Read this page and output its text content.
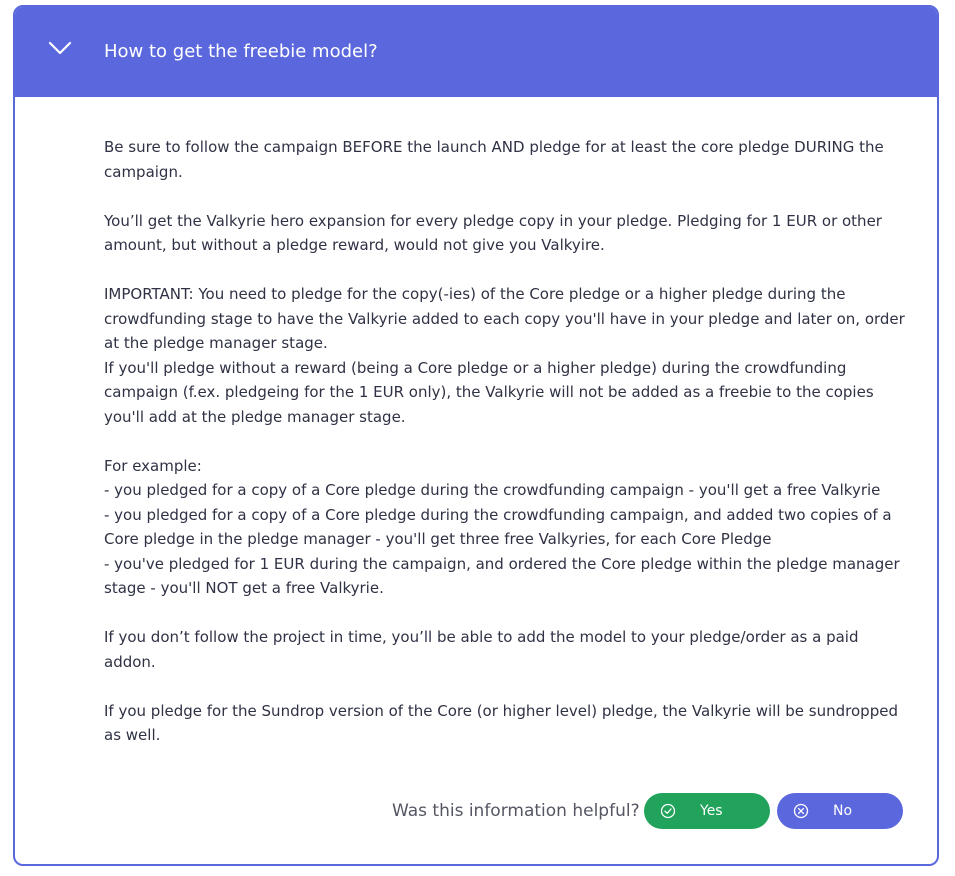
How to get the freebie model?

Be sure to follow the campaign BEFORE the launch AND pledge for at least the core pledge DURING the campaign.

You’ll get the Valkyrie hero expansion for every pledge copy in your pledge. Pledging for 1 EUR or other amount, but without a pledge reward, would not give you Valkyire.

IMPORTANT: You need to pledge for the copy(-ies) of the Core pledge or a higher pledge during the crowdfunding stage to have the Valkyrie added to each copy you'll have in your pledge and later on, order at the pledge manager stage.
If you'll pledge without a reward (being a Core pledge or a higher pledge) during the crowdfunding campaign (f.ex. pledgeing for the 1 EUR only), the Valkyrie will not be added as a freebie to the copies you'll add at the pledge manager stage.

For example:
- you pledged for a copy of a Core pledge during the crowdfunding campaign - you'll get a free Valkyrie
- you pledged for a copy of a Core pledge during the crowdfunding campaign, and added two copies of a Core pledge in the pledge manager - you'll get three free Valkyries, for each Core Pledge
- you've pledged for 1 EUR during the campaign, and ordered the Core pledge within the pledge manager stage - you'll NOT get a free Valkyrie.

If you don’t follow the project in time, you’ll be able to add the model to your pledge/order as a paid addon.

If you pledge for the Sundrop version of the Core (or higher level) pledge, the Valkyrie will be sundropped as well.

Was this information helpful?	Yes	No
